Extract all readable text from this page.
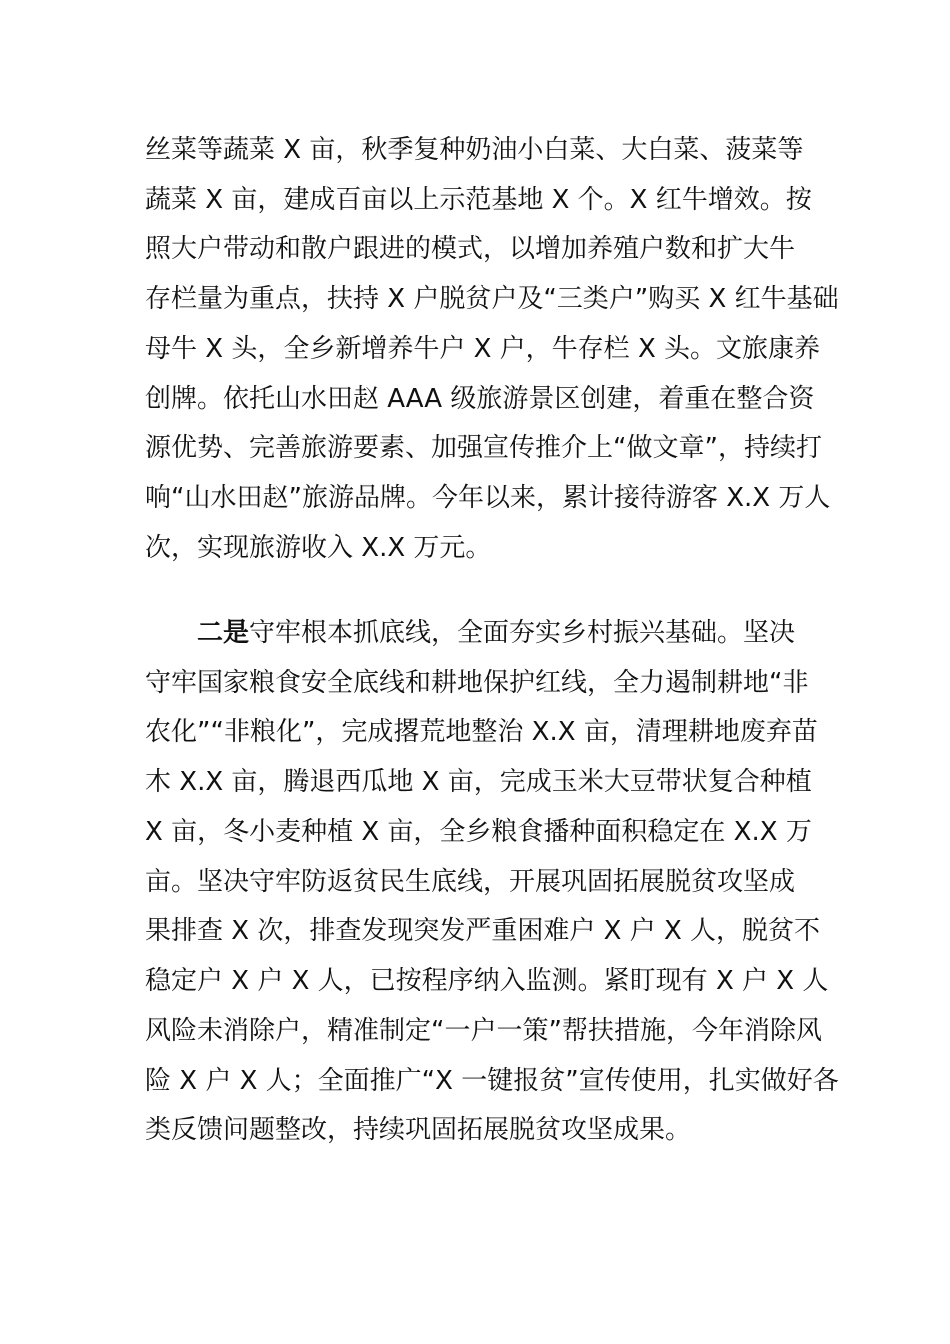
丝菜等蔬菜 X 亩，秋季复种奶油小白菜、大白菜、菠菜等
蔬菜 X 亩，建成百亩以上示范基地 X 个。X 红牛增效。按
照大户带动和散户跟进的模式，以增加养殖户数和扩大牛
存栏量为重点，扶持 X 户脱贫户及“三类户”购买 X 红牛基础
母牛 X 头，全乡新增养牛户 X 户，牛存栏 X 头。文旅康养
创牌。依托山水田赵 AAA 级旅游景区创建，着重在整合资
源优势、完善旅游要素、加强宣传推介上“做文章”，持续打
响“山水田赵”旅游品牌。今年以来，累计接待游客 X.X 万人
次，实现旅游收入 X.X 万元。
二是守牢根本抓底线，全面夯实乡村振兴基础。坚决
守牢国家粮食安全底线和耕地保护红线，全力遏制耕地“非
农化”“非粮化”，完成撂荒地整治 X.X 亩，清理耕地废弃苗
木 X.X 亩，腾退西瓜地 X 亩，完成玉米大豆带状复合种植
X 亩，冬小麦种植 X 亩，全乡粮食播种面积稳定在 X.X 万
亩。坚决守牢防返贫民生底线，开展巩固拓展脱贫攻坚成
果排查 X 次，排查发现突发严重困难户 X 户 X 人，脱贫不
稳定户 X 户 X 人，已按程序纳入监测。紧盯现有 X 户 X 人
风险未消除户，精准制定“一户一策”帮扶措施，今年消除风
险 X 户 X 人；全面推广“X 一键报贫”宣传使用，扎实做好各
类反馈问题整改，持续巩固拓展脱贫攻坚成果。
